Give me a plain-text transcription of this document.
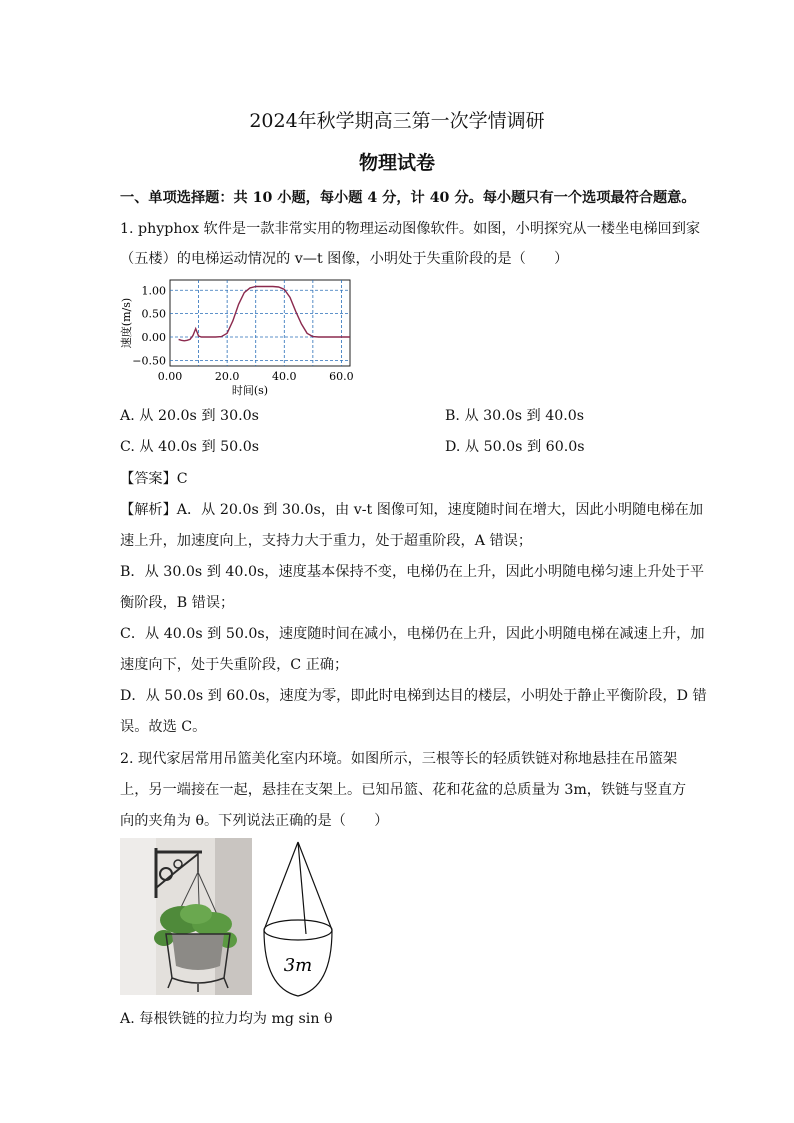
2024年秋学期高三第一次学情调研
物理试卷
一、单项选择题：共 10 小题，每小题 4 分，计 40 分。每小题只有一个选项最符合题意。
1. phyphox 软件是一款非常实用的物理运动图像软件。如图，小明探究从一楼坐电梯回到家
（五楼）的电梯运动情况的 v—t 图像，小明处于失重阶段的是（　　）
1.00
0.50
0.00
−0.50
0.00	20.0	40.0	60.0
时间(s)
速度(m/s)
A. 从 20.0s 到 30.0s	B. 从 30.0s 到 40.0s
C. 从 40.0s 到 50.0s	D. 从 50.0s 到 60.0s
【答案】C
【解析】A．从 20.0s 到 30.0s，由 v-t 图像可知，速度随时间在增大，因此小明随电梯在加
速上升，加速度向上，支持力大于重力，处于超重阶段，A 错误；
B．从 30.0s 到 40.0s，速度基本保持不变，电梯仍在上升，因此小明随电梯匀速上升处于平
衡阶段，B 错误；
C．从 40.0s 到 50.0s，速度随时间在减小，电梯仍在上升，因此小明随电梯在减速上升，加
速度向下，处于失重阶段，C 正确；
D．从 50.0s 到 60.0s，速度为零，即此时电梯到达目的楼层，小明处于静止平衡阶段，D 错
误。故选 C。
2. 现代家居常用吊篮美化室内环境。如图所示，三根等长的轻质铁链对称地悬挂在吊篮架
上，另一端接在一起，悬挂在支架上。已知吊篮、花和花盆的总质量为 3m，铁链与竖直方
向的夹角为 θ。下列说法正确的是（　　）
3m
A. 每根铁链的拉力均为 mg sin θ
